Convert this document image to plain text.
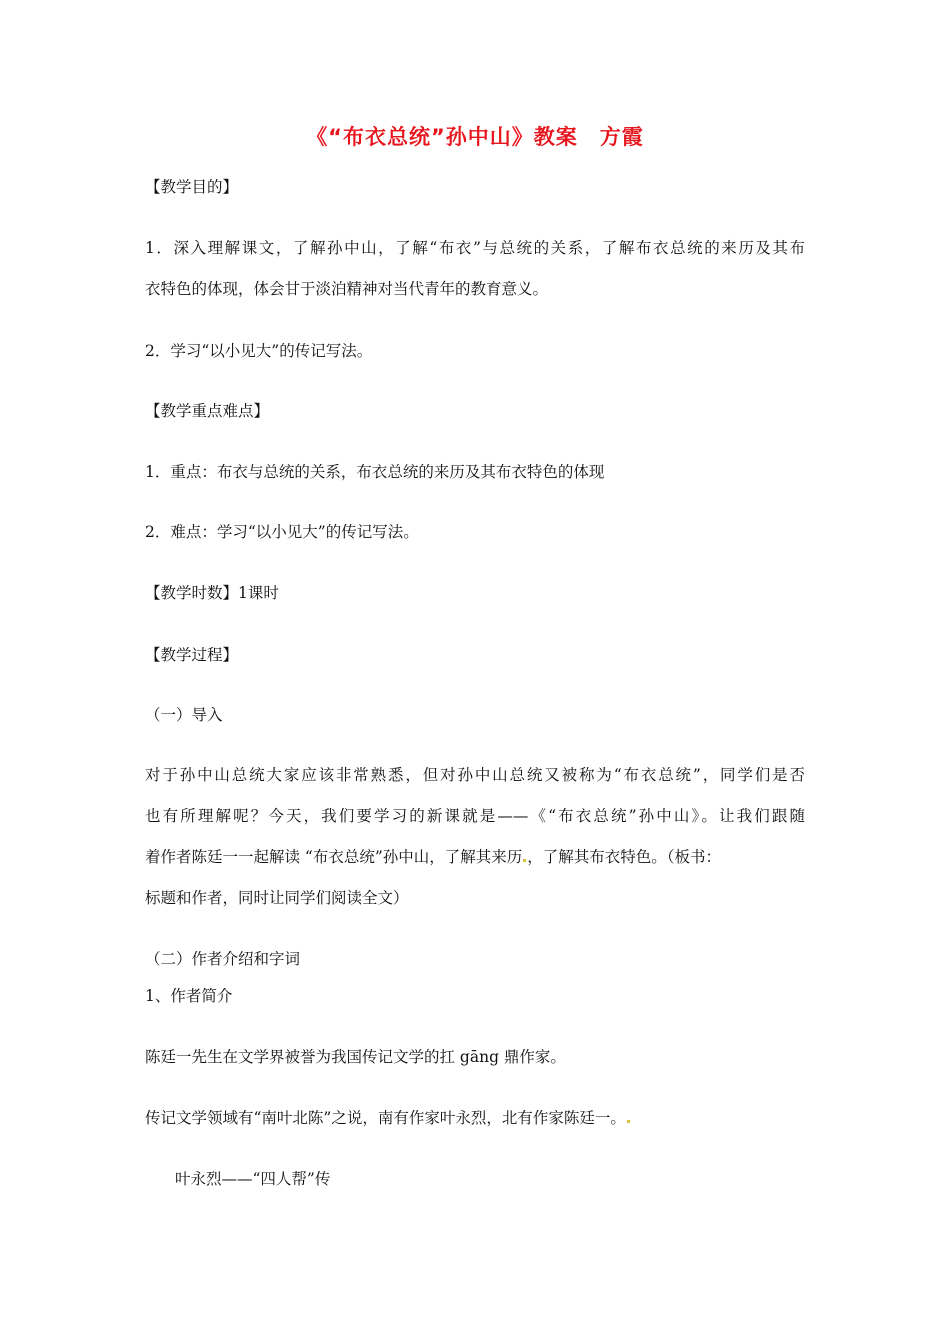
《“布衣总统”孙中山》教案　方霞
【教学目的】
1．深入理解课文，了解孙中山，了解“布衣”与总统的关系，了解布衣总统的来历及其布
衣特色的体现，体会甘于淡泊精神对当代青年的教育意义。
2．学习“以小见大”的传记写法。
【教学重点难点】
1．重点：布衣与总统的关系，布衣总统的来历及其布衣特色的体现
2．难点：学习“以小见大”的传记写法。
【教学时数】1课时
【教学过程】
（一）导入
对于孙中山总统大家应该非常熟悉，但对孙中山总统又被称为“布衣总统”，同学们是否
也有所理解呢？今天，我们要学习的新课就是——《“布衣总统”孙中山》。让我们跟随
着作者陈廷一一起解读 “布衣总统”孙中山，了解其来历 ，了解其布衣特色。（板书：
标题和作者，同时让同学们阅读全文）
（二）作者介绍和字词
1、作者简介
陈廷一先生在文学界被誉为我国传记文学的扛 gāng 鼎作家。
传记文学领域有“南叶北陈”之说，南有作家叶永烈，北有作家陈廷一。
叶永烈——“四人帮”传
